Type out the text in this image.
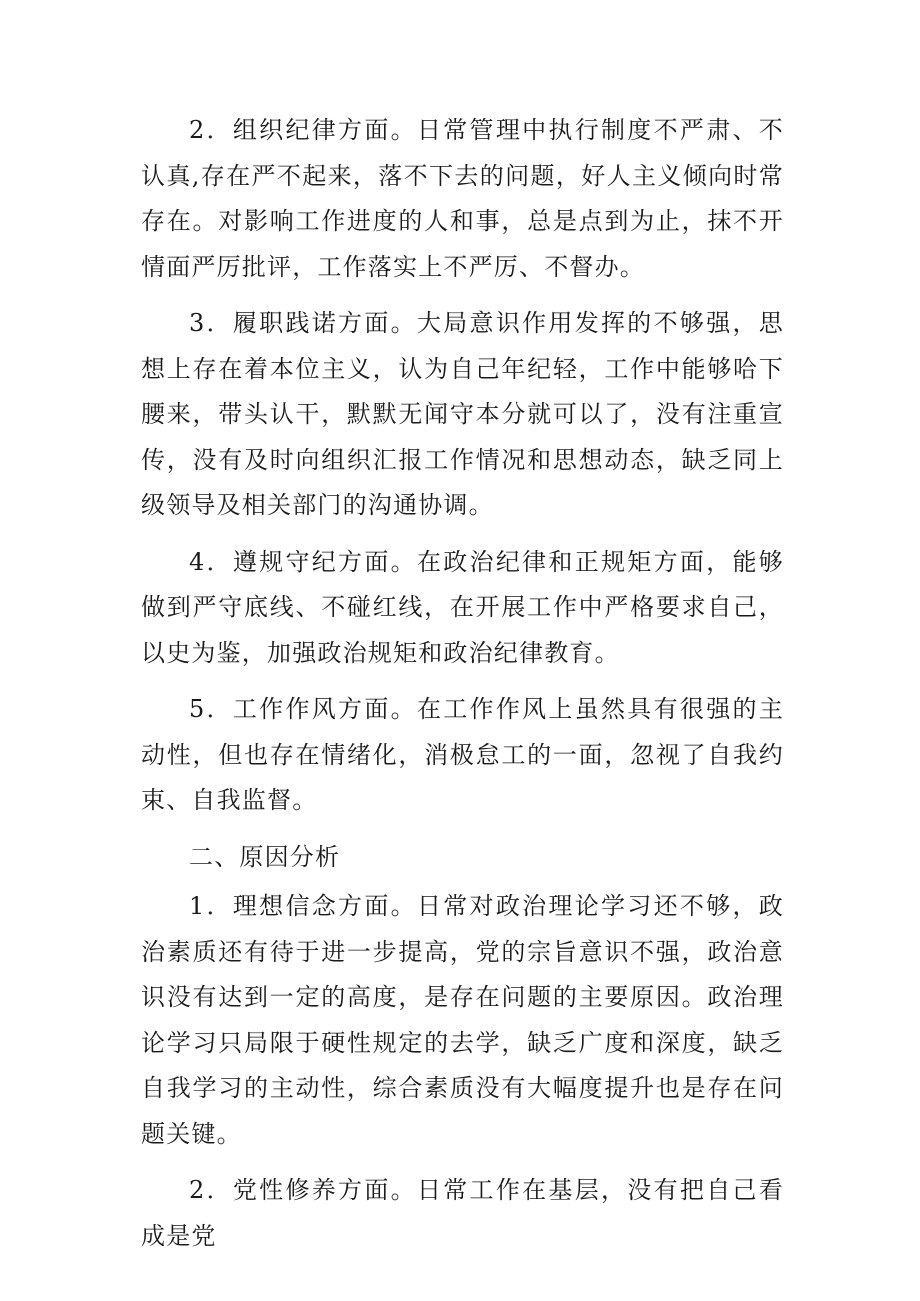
2．组织纪律方面。日常管理中执行制度不严肃、不认真,存在严不起来，落不下去的问题，好人主义倾向时常存在。对影响工作进度的人和事，总是点到为止，抹不开情面严厉批评，工作落实上不严厉、不督办。

3．履职践诺方面。大局意识作用发挥的不够强，思想上存在着本位主义，认为自己年纪轻，工作中能够哈下腰来，带头认干，默默无闻守本分就可以了，没有注重宣传，没有及时向组织汇报工作情况和思想动态，缺乏同上级领导及相关部门的沟通协调。

4．遵规守纪方面。在政治纪律和正规矩方面，能够做到严守底线、不碰红线，在开展工作中严格要求自己，以史为鉴，加强政治规矩和政治纪律教育。

5．工作作风方面。在工作作风上虽然具有很强的主动性，但也存在情绪化，消极怠工的一面，忽视了自我约束、自我监督。

二、原因分析

1．理想信念方面。日常对政治理论学习还不够，政治素质还有待于进一步提高，党的宗旨意识不强，政治意识没有达到一定的高度，是存在问题的主要原因。政治理论学习只局限于硬性规定的去学，缺乏广度和深度，缺乏自我学习的主动性，综合素质没有大幅度提升也是存在问题关键。

2．党性修养方面。日常工作在基层，没有把自己看成是党
